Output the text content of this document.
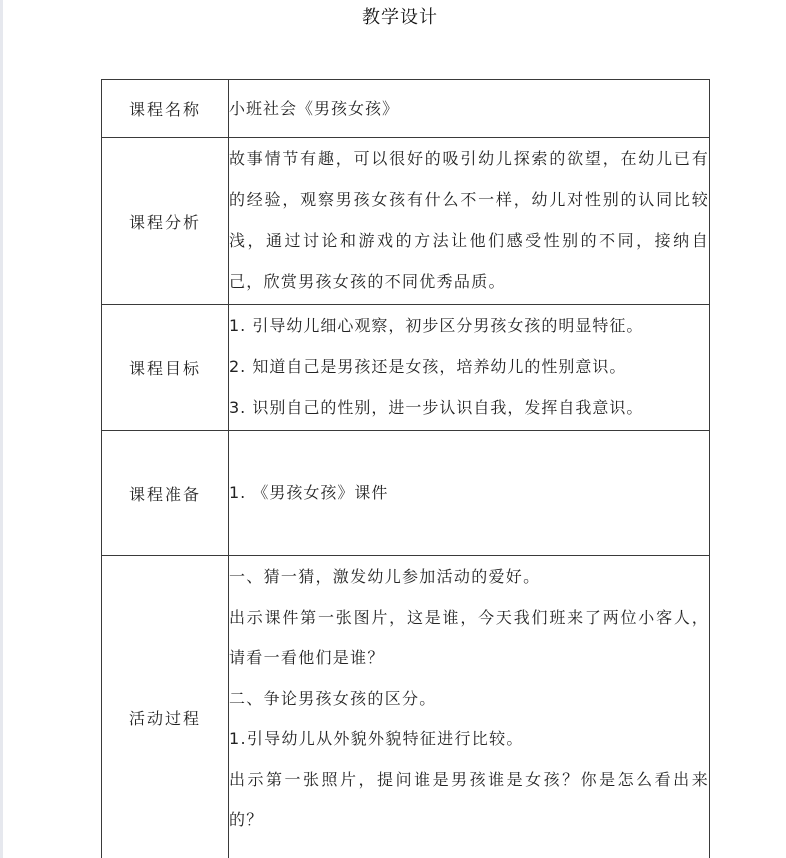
教学设计
课程名称	小班社会《男孩女孩》

课程分析	故事情节有趣，可以很好的吸引幼儿探索的欲望，在幼儿已有的经验，观察男孩女孩有什么不一样，幼儿对性别的认同比较浅，通过讨论和游戏的方法让他们感受性别的不同，接纳自己，欣赏男孩女孩的不同优秀品质。

课程目标	1. 引导幼儿细心观察，初步区分男孩女孩的明显特征。

2. 知道自己是男孩还是女孩，培养幼儿的性别意识。

3. 识别自己的性别，进一步认识自我，发挥自我意识。

课程准备	1. 《男孩女孩》课件

活动过程	一、猜一猜，激发幼儿参加活动的爱好。

出示课件第一张图片，这是谁，今天我们班来了两位小客人，请看一看他们是谁？

二、争论男孩女孩的区分。

1.引导幼儿从外貌外貌特征进行比较。

出示第一张照片，提问谁是男孩谁是女孩？你是怎么看出来的？
